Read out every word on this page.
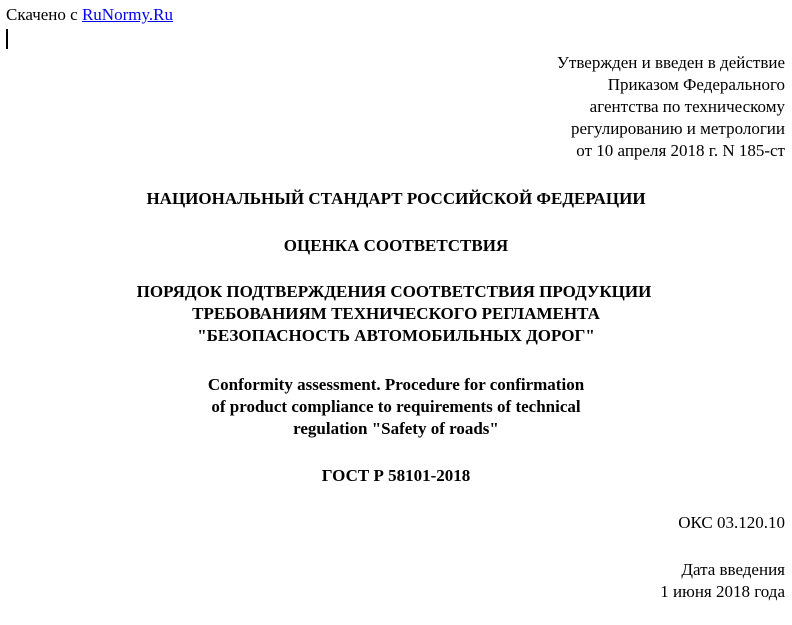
Скачено с RuNormy.Ru
Утвержден и введен в действие
Приказом Федерального
агентства по техническому
регулированию и метрологии
от 10 апреля 2018 г. N 185-ст
НАЦИОНАЛЬНЫЙ СТАНДАРТ РОССИЙСКОЙ ФЕДЕРАЦИИ
ОЦЕНКА СООТВЕТСТВИЯ
ПОРЯДОК ПОДТВЕРЖДЕНИЯ СООТВЕТСТВИЯ ПРОДУКЦИИ
ТРЕБОВАНИЯМ ТЕХНИЧЕСКОГО РЕГЛАМЕНТА
"БЕЗОПАСНОСТЬ АВТОМОБИЛЬНЫХ ДОРОГ"
Conformity assessment. Procedure for confirmation
of product compliance to requirements of technical
regulation "Safety of roads"
ГОСТ Р 58101-2018
ОКС 03.120.10
Дата введения
1 июня 2018 года
